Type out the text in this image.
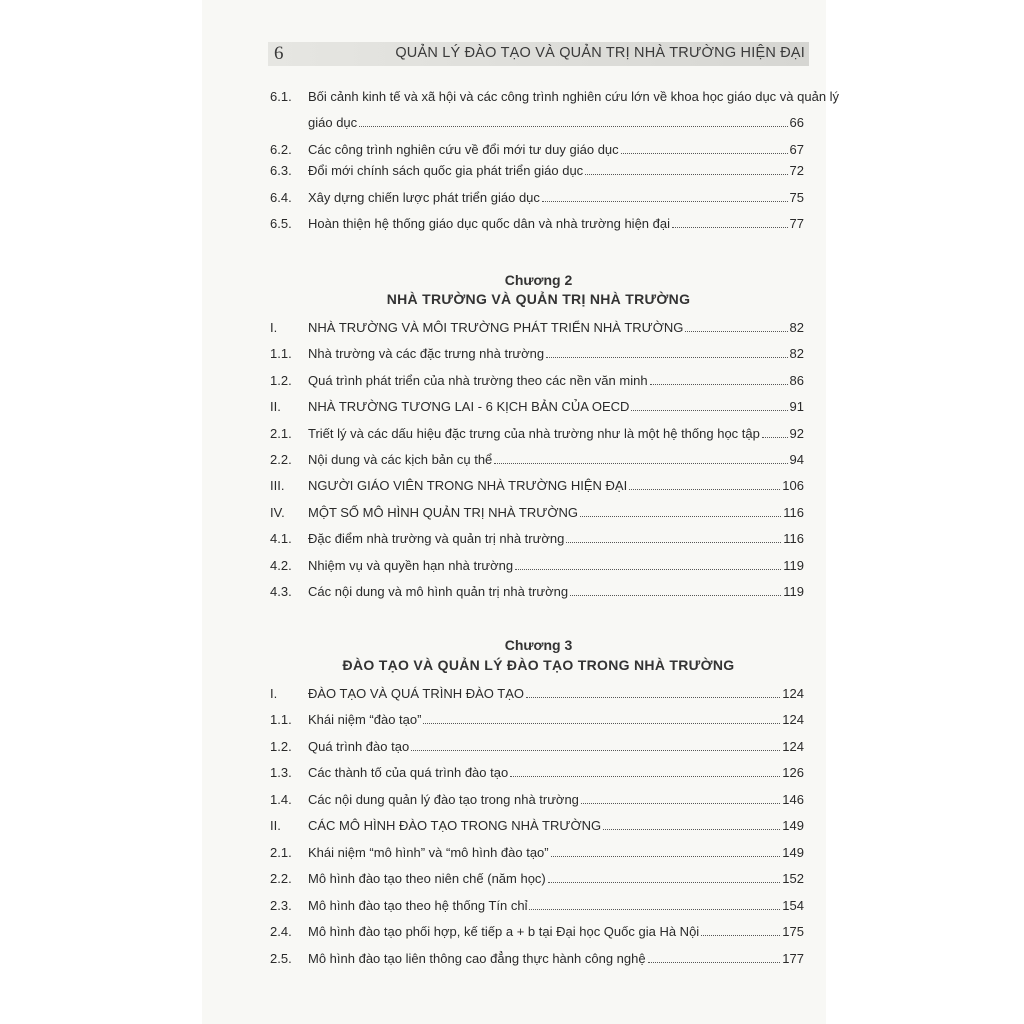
6	QUẢN LÝ ĐÀO TẠO VÀ QUẢN TRỊ NHÀ TRƯỜNG HIỆN ĐẠI
6.1. Bối cảnh kinh tế và xã hội và các công trình nghiên cứu lớn về khoa học giáo dục và quản lý
giáo dục	66
Chương 2
NHÀ TRƯỜNG VÀ QUẢN TRỊ NHÀ TRƯỜNG
Chương 3
ĐÀO TẠO VÀ QUẢN LÝ ĐÀO TẠO TRONG NHÀ TRƯỜNG
6.2. Các công trình nghiên cứu về đổi mới tư duy giáo dục	67
6.3. Đổi mới chính sách quốc gia phát triển giáo dục	72
6.4. Xây dựng chiến lược phát triển giáo dục	75
6.5. Hoàn thiện hệ thống giáo dục quốc dân và nhà trường hiện đại	77
I. NHÀ TRƯỜNG VÀ MÔI TRƯỜNG PHÁT TRIỂN NHÀ TRƯỜNG	82
1.1. Nhà trường và các đặc trưng nhà trường	82
1.2. Quá trình phát triển của nhà trường theo các nền văn minh	86
II. NHÀ TRƯỜNG TƯƠNG LAI - 6 KỊCH BẢN CỦA OECD	91
2.1. Triết lý và các dấu hiệu đặc trưng của nhà trường như là một hệ thống học tập 92
2.2. Nội dung và các kịch bản cụ thể	94
III. NGƯỜI GIÁO VIÊN TRONG NHÀ TRƯỜNG HIỆN ĐẠI	106
IV. MỘT SỐ MÔ HÌNH QUẢN TRỊ NHÀ TRƯỜNG	116
4.1. Đặc điểm nhà trường và quản trị nhà trường	116
4.2. Nhiệm vụ và quyền hạn nhà trường	119
4.3. Các nội dung và mô hình quản trị nhà trường	119
I. ĐÀO TẠO VÀ QUÁ TRÌNH ĐÀO TẠO	124
1.1. Khái niệm “đào tạo”	124
1.2. Quá trình đào tạo	124
1.3. Các thành tố của quá trình đào tạo	126
1.4. Các nội dung quản lý đào tạo trong nhà trường	146
II. CÁC MÔ HÌNH ĐÀO TẠO TRONG NHÀ TRƯỜNG	149
2.1. Khái niệm “mô hình” và “mô hình đào tạo”	149
2.2. Mô hình đào tạo theo niên chế (năm học)	152
2.3. Mô hình đào tạo theo hệ thống Tín chỉ	154
2.4. Mô hình đào tạo phối hợp, kế tiếp a + b tại Đại học Quốc gia Hà Nội	175
2.5. Mô hình đào tạo liên thông cao đẳng thực hành công nghệ	177
